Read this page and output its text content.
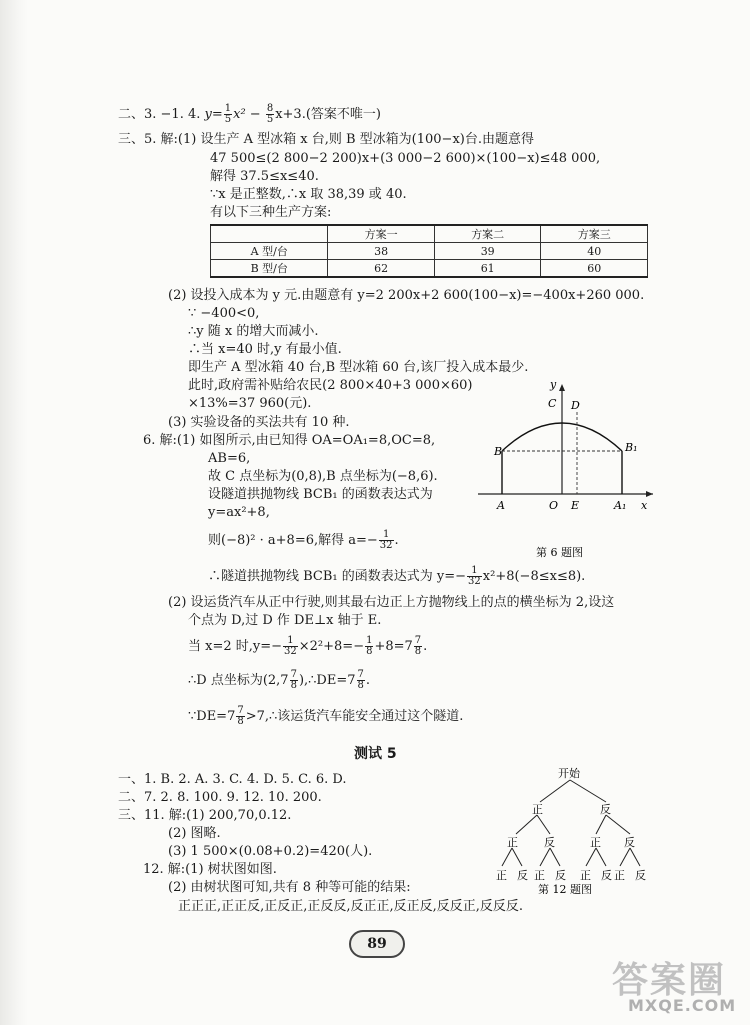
二、3. −1. 4. $y= \frac{1}{5} x^2 - \frac{8}{5} x+3$.(答案不唯一)
三、5. 解:(1) 设生产 A 型冰箱 x 台,则 B 型冰箱为(100−x)台.由题意得
47 500≤(2 800−2 200)x+(3 000−2 600)×(100−x)≤48 000,
解得 37.5≤x≤40.
∵x 是正整数,∴x 取 38,39 或 40.
有以下三种生产方案:
	方案一	方案二	方案三
A 型/台	38	39	40
B 型/台	62	61	60
(2) 设投入成本为 y 元.由题意有 y=2 200x+2 600(100−x)=−400x+260 000.
∵ −400<0,
∴y 随 x 的增大而减小.
∴当 x=40 时,y 有最小值.
即生产 A 型冰箱 40 台,B 型冰箱 60 台,该厂投入成本最少.
此时,政府需补贴给农民(2 800×40+3 000×60)
×13%=37 960(元).
(3) 实验设备的买法共有 10 种.
6. 解:(1) 如图所示,由已知得 OA=OA₁=8,OC=8,
AB=6,
故 C 点坐标为(0,8),B 点坐标为(−8,6).
设隧道拱抛物线 BCB₁ 的函数表达式为
y=ax²+8,
则(−8)² · a+8=6,解得 $a=- \frac{1}{32}$ .
∴隧道拱抛物线 BCB₁ 的函数表达式为 $y=- \frac{1}{32} x^2+8(-8\le x\le 8)$.
(2) 设运货汽车从正中行驶,则其最右边正上方抛物线上的点的横坐标为 2,设这
个点为 D,过 D 作 DE⊥x 轴于 E.
当 x=2 时$,y=- \frac{1}{32} \times 2^2+8=- \frac{1}{8} +8=7 \frac{7}{8}$ .
∴D 点坐标为($2,7 \frac{7}{8}$ ),∴DE=7 $\frac{7}{8}$ .
∵DE=7 $\frac{7}{8}$ >7,∴该运货汽车能安全通过这个隧道.
y
C D
B	B₁
A	O E	A₁ x
第 6 题图
测试 5
一、1. B. 2. A. 3. C. 4. D. 5. C. 6. D.
二、7. 2. 8. 100. 9. 12. 10. 200.
三、11. 解:(1) 200,70,0.12.
(2) 图略.
(3) 1 500×(0.08+0.2)=420(人).
12. 解:(1) 树状图如图.
(2) 由树状图可知,共有 8 种等可能的结果:
正正正,正正反,正反正,正反反,反正正,反正反,反反正,反反反.
开始
正	反
正 反	正 反
正 反 正 反 正 反 正 反
第 12 题图
89
答案圈
MXQE.COM
